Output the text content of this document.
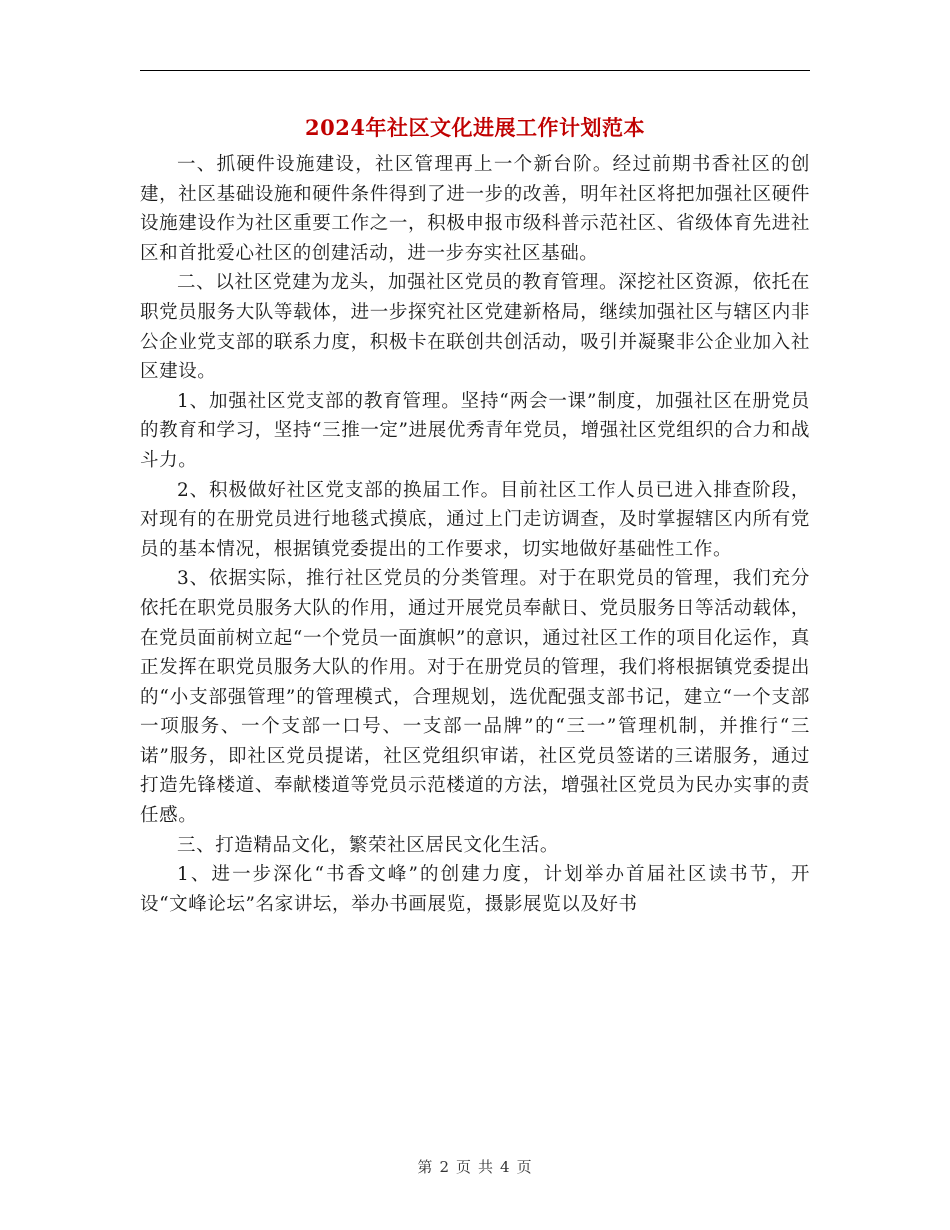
2024年社区文化进展工作计划范本

一、抓硬件设施建设，社区管理再上一个新台阶。经过前期书香社区的创建，社区基础设施和硬件条件得到了进一步的改善，明年社区将把加强社区硬件设施建设作为社区重要工作之一，积极申报市级科普示范社区、省级体育先进社区和首批爱心社区的创建活动，进一步夯实社区基础。

二、以社区党建为龙头，加强社区党员的教育管理。深挖社区资源，依托在职党员服务大队等载体，进一步探究社区党建新格局，继续加强社区与辖区内非公企业党支部的联系力度，积极卡在联创共创活动，吸引并凝聚非公企业加入社区建设。

1、加强社区党支部的教育管理。坚持“两会一课”制度，加强社区在册党员的教育和学习，坚持“三推一定”进展优秀青年党员，增强社区党组织的合力和战斗力。

2、积极做好社区党支部的换届工作。目前社区工作人员已进入排查阶段，对现有的在册党员进行地毯式摸底，通过上门走访调查，及时掌握辖区内所有党员的基本情况，根据镇党委提出的工作要求，切实地做好基础性工作。

3、依据实际，推行社区党员的分类管理。对于在职党员的管理，我们充分依托在职党员服务大队的作用，通过开展党员奉献日、党员服务日等活动载体，在党员面前树立起“一个党员一面旗帜”的意识，通过社区工作的项目化运作，真正发挥在职党员服务大队的作用。对于在册党员的管理，我们将根据镇党委提出的“小支部强管理”的管理模式，合理规划，选优配强支部书记，建立“一个支部一项服务、一个支部一口号、一支部一品牌”的“三一”管理机制，并推行“三诺”服务，即社区党员提诺，社区党组织审诺，社区党员签诺的三诺服务，通过打造先锋楼道、奉献楼道等党员示范楼道的方法，增强社区党员为民办实事的责任感。

三、打造精品文化，繁荣社区居民文化生活。

1、进一步深化“书香文峰”的创建力度，计划举办首届社区读书节，开设“文峰论坛”名家讲坛，举办书画展览，摄影展览以及好书

第 2 页 共 4 页
